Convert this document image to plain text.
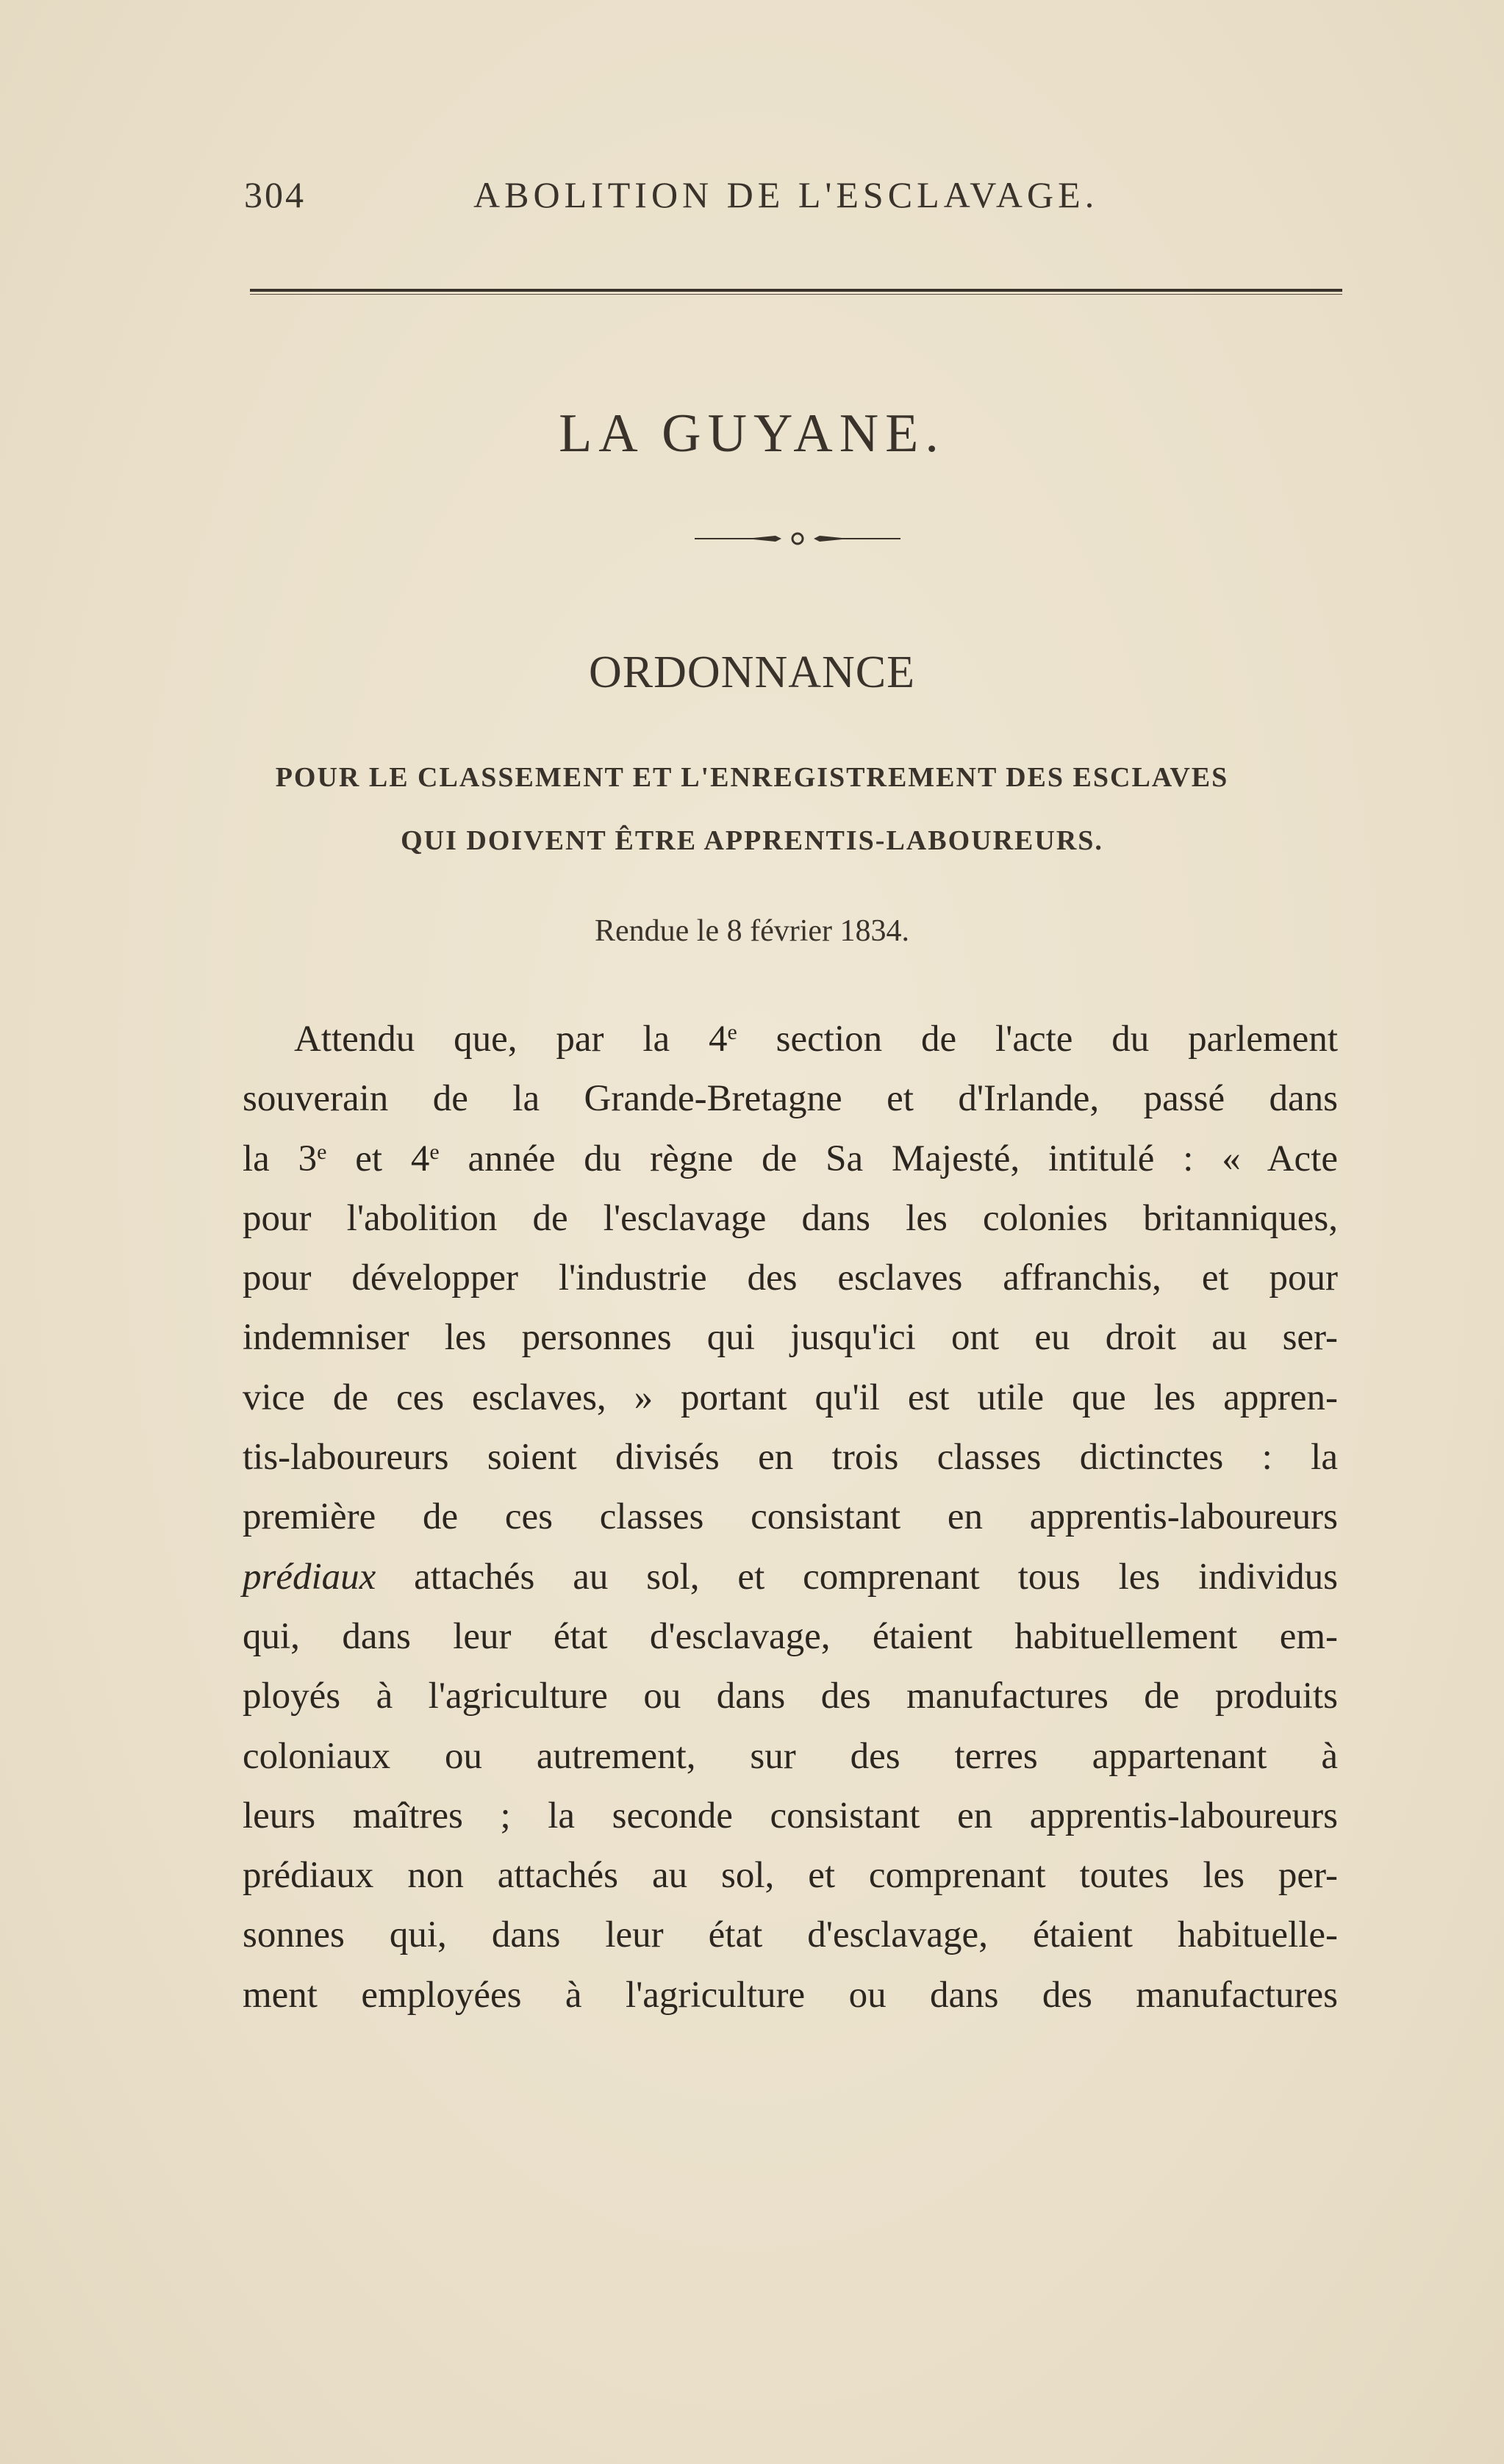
304	ABOLITION DE L'ESCLAVAGE.
LA GUYANE.
ORDONNANCE
POUR LE CLASSEMENT ET L'ENREGISTREMENT DES ESCLAVES
QUI DOIVENT ÊTRE APPRENTIS-LABOUREURS.
Rendue le 8 février 1834.
Attendu que, par la 4e section de l'acte du parlement
souverain de la Grande-Bretagne et d'Irlande, passé dans
la 3e et 4e année du règne de Sa Majesté, intitulé : « Acte
pour l'abolition de l'esclavage dans les colonies britanniques,
pour développer l'industrie des esclaves affranchis, et pour
indemniser les personnes qui jusqu'ici ont eu droit au ser-
vice de ces esclaves, » portant qu'il est utile que les appren-
tis-laboureurs soient divisés en trois classes dictinctes : la
première de ces classes consistant en apprentis-laboureurs
prédiaux attachés au sol, et comprenant tous les individus
qui, dans leur état d'esclavage, étaient habituellement em-
ployés à l'agriculture ou dans des manufactures de produits
coloniaux ou autrement, sur des terres appartenant à
leurs maîtres ; la seconde consistant en apprentis-laboureurs
prédiaux non attachés au sol, et comprenant toutes les per-
sonnes qui, dans leur état d'esclavage, étaient habituelle-
ment employées à l'agriculture ou dans des manufactures
